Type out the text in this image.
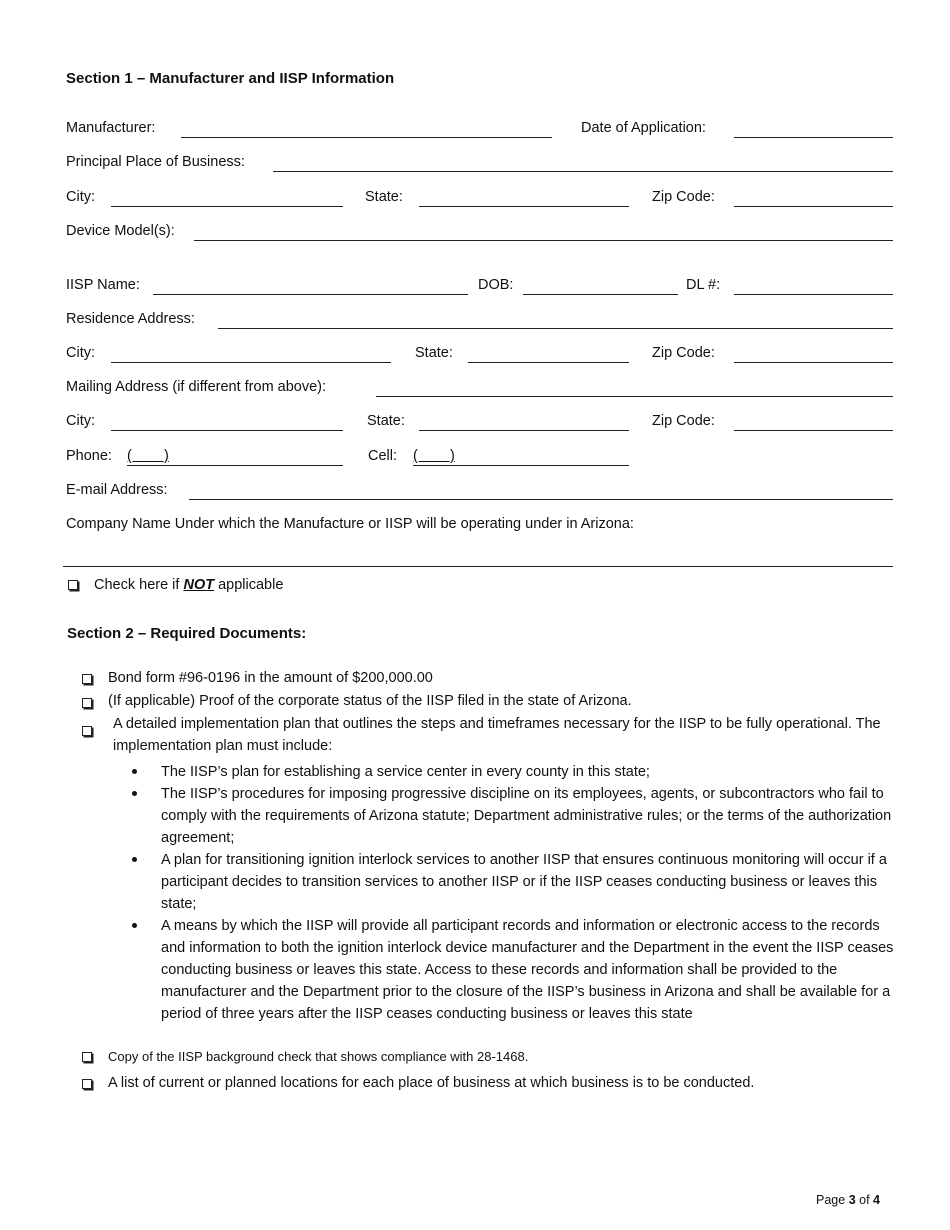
Section 1 – Manufacturer and IISP Information
Manufacturer:	Date of Application:
Principal Place of Business:
City:	State:	Zip Code:
Device Model(s):
IISP Name:	DOB:	DL #:
Residence Address:
City:	State:	Zip Code:
Mailing Address (if different from above):
City:	State:	Zip Code:
Phone: (        )	Cell: (        )
E-mail Address:
Company Name Under which the Manufacture or IISP will be operating under in Arizona:
Check here if NOT applicable
Section 2 – Required Documents:
Bond form #96-0196 in the amount of $200,000.00
(If applicable) Proof of the corporate status of the IISP filed in the state of Arizona.
A detailed implementation plan that outlines the steps and timeframes necessary for the IISP to be fully operational. The implementation plan must include:
The IISP’s plan for establishing a service center in every county in this state;
The IISP’s procedures for imposing progressive discipline on its employees, agents, or subcontractors who fail to comply with the requirements of Arizona statute; Department administrative rules; or the terms of the authorization agreement;
A plan for transitioning ignition interlock services to another IISP that ensures continuous monitoring will occur if a participant decides to transition services to another IISP or if the IISP ceases conducting business or leaves this state;
A means by which the IISP will provide all participant records and information or electronic access to the records and information to both the ignition interlock device manufacturer and the Department in the event the IISP ceases conducting business or leaves this state. Access to these records and information shall be provided to the manufacturer and the Department prior to the closure of the IISP’s business in Arizona and shall be available for a period of three years after the IISP ceases conducting business or leaves this state
Copy of the IISP background check that shows compliance with 28-1468.
A list of current or planned locations for each place of business at which business is to be conducted.
Page 3 of 4
